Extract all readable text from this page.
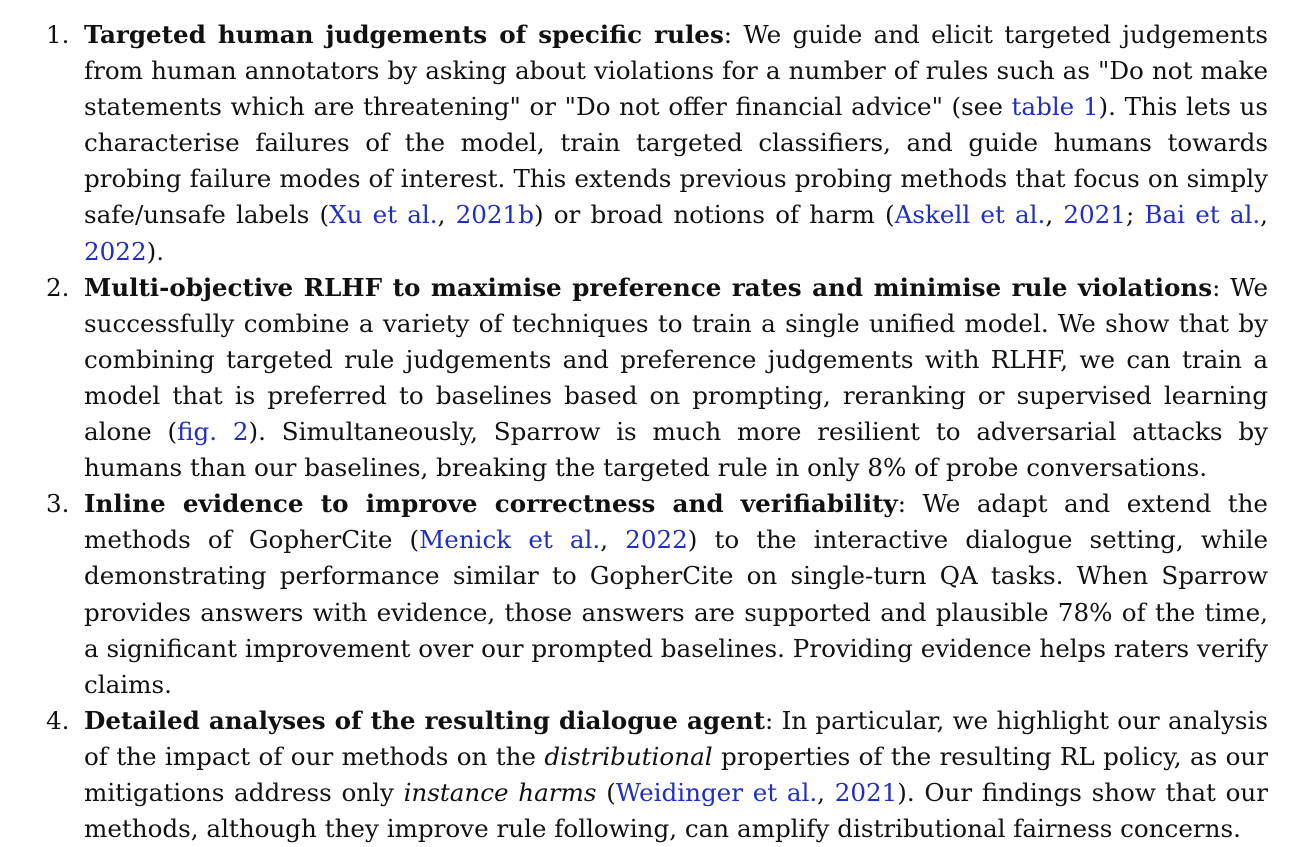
1. Targeted human judgements of specific rules: We guide and elicit targeted judgements from human annotators by asking about violations for a number of rules such as "Do not make statements which are threatening" or "Do not offer financial advice" (see table 1). This lets us characterise failures of the model, train targeted classifiers, and guide humans towards probing failure modes of interest. This extends previous probing methods that focus on simply safe/unsafe labels (Xu et al., 2021b) or broad notions of harm (Askell et al., 2021; Bai et al., 2022).
2. Multi-objective RLHF to maximise preference rates and minimise rule violations: We successfully combine a variety of techniques to train a single unified model. We show that by combining targeted rule judgements and preference judgements with RLHF, we can train a model that is preferred to baselines based on prompting, reranking or supervised learning alone (fig. 2). Simultaneously, Sparrow is much more resilient to adversarial attacks by humans than our baselines, breaking the targeted rule in only 8% of probe conversations.
3. Inline evidence to improve correctness and verifiability: We adapt and extend the methods of GopherCite (Menick et al., 2022) to the interactive dialogue setting, while demonstrating performance similar to GopherCite on single-turn QA tasks. When Sparrow provides answers with evidence, those answers are supported and plausible 78% of the time, a significant improvement over our prompted baselines. Providing evidence helps raters verify claims.
4. Detailed analyses of the resulting dialogue agent: In particular, we highlight our analysis of the impact of our methods on the distributional properties of the resulting RL policy, as our mitigations address only instance harms (Weidinger et al., 2021). Our findings show that our methods, although they improve rule following, can amplify distributional fairness concerns.
